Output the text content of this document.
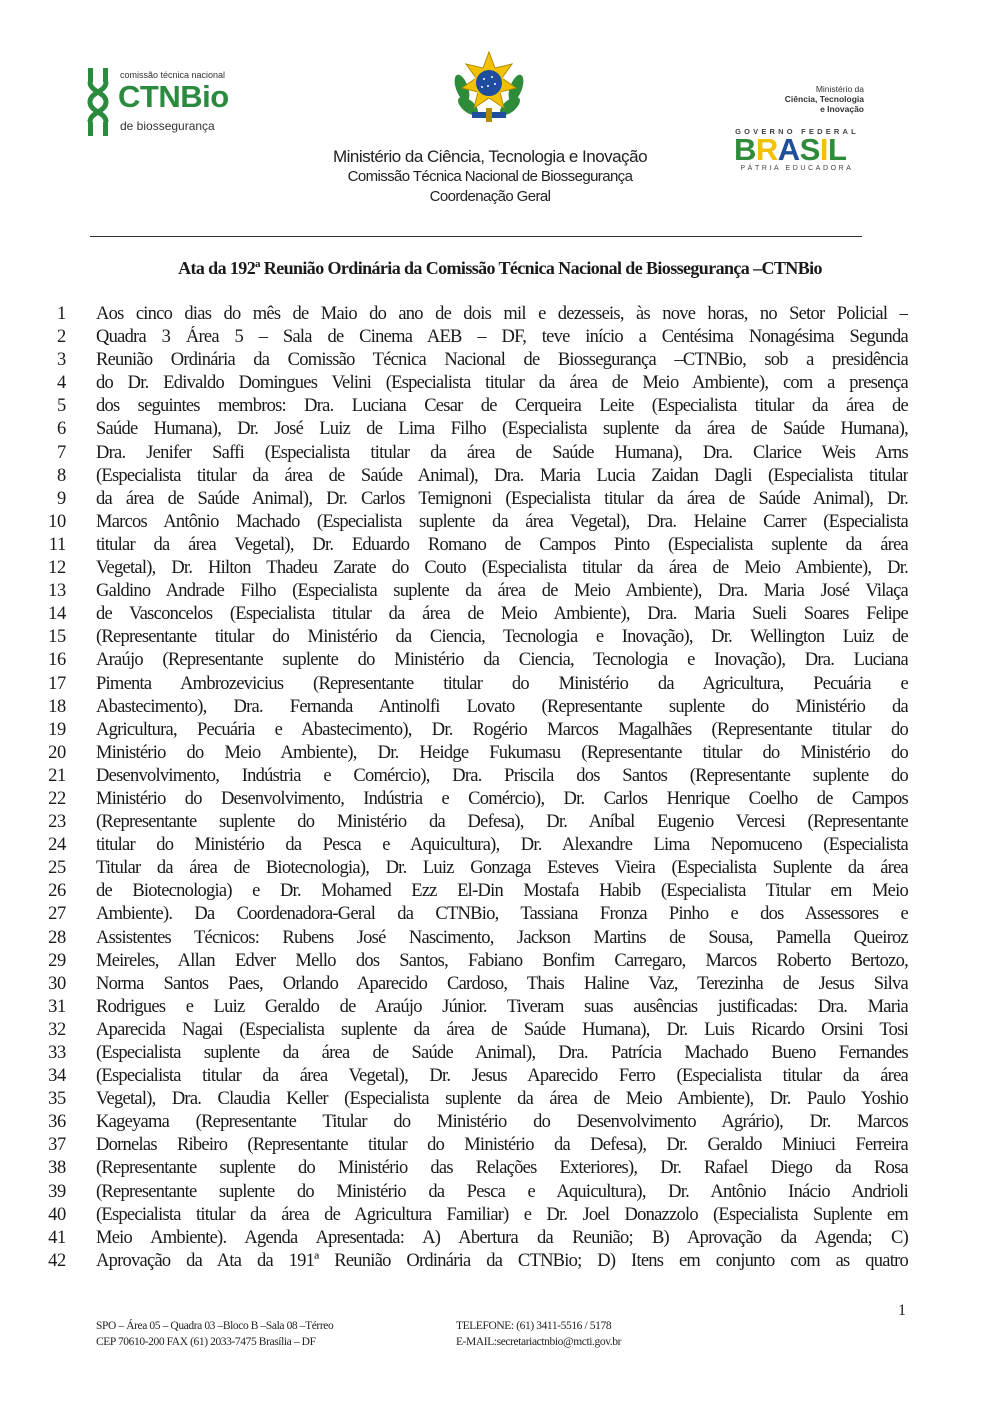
comissão técnica nacional
CTNBio
de biossegurança
Ministério da
Ciência, Tecnologia
e Inovação
GOVERNO FEDERAL
BRASIL
PÁTRIA EDUCADORA
Ministério da Ciência, Tecnologia e Inovação
Comissão Técnica Nacional de Biossegurança
Coordenação Geral
Ata da 192ª Reunião Ordinária da Comissão Técnica Nacional de Biossegurança –CTNBio
1 Aos cinco dias do mês de Maio do ano de dois mil e dezesseis, às nove horas, no Setor Policial –
2 Quadra 3 Área 5 – Sala de Cinema AEB – DF, teve início a Centésima Nonagésima Segunda
3 Reunião Ordinária da Comissão Técnica Nacional de Biossegurança –CTNBio, sob a presidência
4 do Dr. Edivaldo Domingues Velini (Especialista titular da área de Meio Ambiente), com a presença
5 dos seguintes membros: Dra. Luciana Cesar de Cerqueira Leite (Especialista titular da área de
6 Saúde Humana), Dr. José Luiz de Lima Filho (Especialista suplente da área de Saúde Humana),
7 Dra. Jenifer Saffi (Especialista titular da área de Saúde Humana), Dra. Clarice Weis Arns
8 (Especialista titular da área de Saúde Animal), Dra. Maria Lucia Zaidan Dagli (Especialista titular
9 da área de Saúde Animal), Dr. Carlos Temignoni (Especialista titular da área de Saúde Animal), Dr.
10 Marcos Antônio Machado (Especialista suplente da área Vegetal), Dra. Helaine Carrer (Especialista
11 titular da área Vegetal), Dr. Eduardo Romano de Campos Pinto (Especialista suplente da área
12 Vegetal), Dr. Hilton Thadeu Zarate do Couto (Especialista titular da área de Meio Ambiente), Dr.
13 Galdino Andrade Filho (Especialista suplente da área de Meio Ambiente), Dra. Maria José Vilaça
14 de Vasconcelos (Especialista titular da área de Meio Ambiente), Dra. Maria Sueli Soares Felipe
15 (Representante titular do Ministério da Ciencia, Tecnologia e Inovação), Dr. Wellington Luiz de
16 Araújo (Representante suplente do Ministério da Ciencia, Tecnologia e Inovação), Dra. Luciana
17 Pimenta Ambrozevicius (Representante titular do Ministério da Agricultura, Pecuária e
18 Abastecimento), Dra. Fernanda Antinolfi Lovato (Representante suplente do Ministério da
19 Agricultura, Pecuária e Abastecimento), Dr. Rogério Marcos Magalhães (Representante titular do
20 Ministério do Meio Ambiente), Dr. Heidge Fukumasu (Representante titular do Ministério do
21 Desenvolvimento, Indústria e Comércio), Dra. Priscila dos Santos (Representante suplente do
22 Ministério do Desenvolvimento, Indústria e Comércio), Dr. Carlos Henrique Coelho de Campos
23 (Representante suplente do Ministério da Defesa), Dr. Aníbal Eugenio Vercesi (Representante
24 titular do Ministério da Pesca e Aquicultura), Dr. Alexandre Lima Nepomuceno (Especialista
25 Titular da área de Biotecnologia), Dr. Luiz Gonzaga Esteves Vieira (Especialista Suplente da área
26 de Biotecnologia) e Dr. Mohamed Ezz El-Din Mostafa Habib (Especialista Titular em Meio
27 Ambiente). Da Coordenadora-Geral da CTNBio, Tassiana Fronza Pinho e dos Assessores e
28 Assistentes Técnicos: Rubens José Nascimento, Jackson Martins de Sousa, Pamella Queiroz
29 Meireles, Allan Edver Mello dos Santos, Fabiano Bonfim Carregaro, Marcos Roberto Bertozo,
30 Norma Santos Paes, Orlando Aparecido Cardoso, Thais Haline Vaz, Terezinha de Jesus Silva
31 Rodrigues e Luiz Geraldo de Araújo Júnior. Tiveram suas ausências justificadas: Dra. Maria
32 Aparecida Nagai (Especialista suplente da área de Saúde Humana), Dr. Luis Ricardo Orsini Tosi
33 (Especialista suplente da área de Saúde Animal), Dra. Patrícia Machado Bueno Fernandes
34 (Especialista titular da área Vegetal), Dr. Jesus Aparecido Ferro (Especialista titular da área
35 Vegetal), Dra. Claudia Keller (Especialista suplente da área de Meio Ambiente), Dr. Paulo Yoshio
36 Kageyama (Representante Titular do Ministério do Desenvolvimento Agrário), Dr. Marcos
37 Dornelas Ribeiro (Representante titular do Ministério da Defesa), Dr. Geraldo Miniuci Ferreira
38 (Representante suplente do Ministério das Relações Exteriores), Dr. Rafael Diego da Rosa
39 (Representante suplente do Ministério da Pesca e Aquicultura), Dr. Antônio Inácio Andrioli
40 (Especialista titular da área de Agricultura Familiar) e Dr. Joel Donazzolo (Especialista Suplente em
41 Meio Ambiente). Agenda Apresentada: A) Abertura da Reunião; B) Aprovação da Agenda; C)
42 Aprovação da Ata da 191ª Reunião Ordinária da CTNBio; D) Itens em conjunto com as quatro
1
SPO – Área 05 – Quadra 03 –Bloco B –Sala 08 –Térreo
CEP 70610-200 FAX (61) 2033-7475 Brasília – DF
TELEFONE: (61) 3411-5516 / 5178
E-MAIL:secretariactnbio@mcti.gov.br
